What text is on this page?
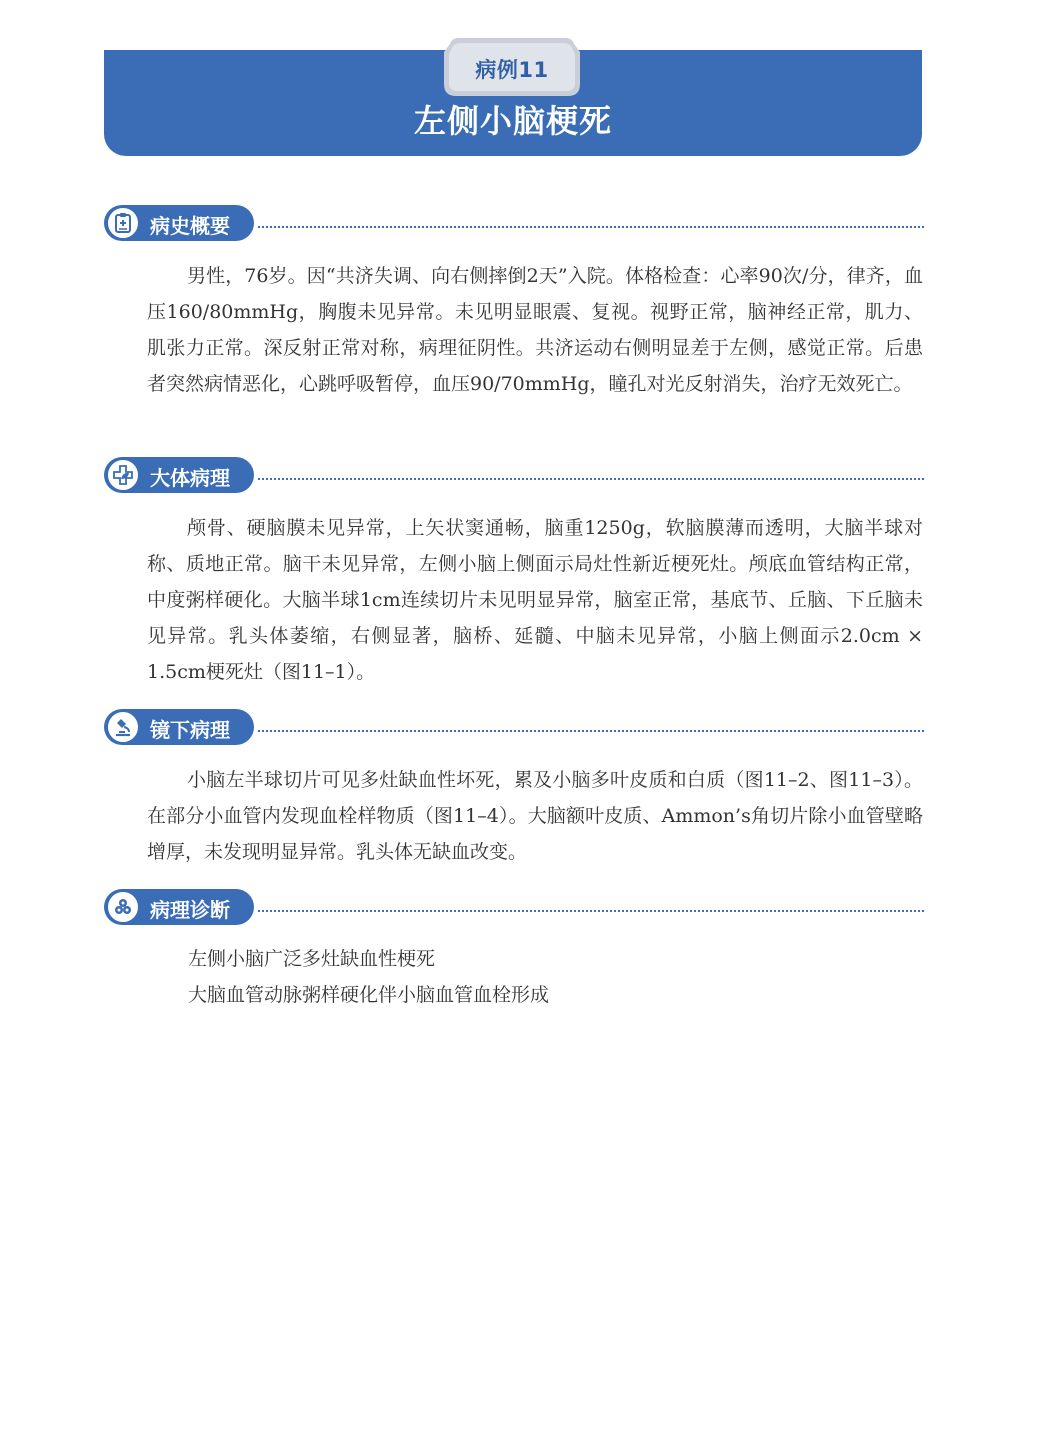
病例11
左侧小脑梗死
病史概要

男性，76岁。因“共济失调、向右侧摔倒2天”入院。体格检查：心率90次/分，律齐，血压160/80mmHg，胸腹未见异常。未见明显眼震、复视。视野正常，脑神经正常，肌力、肌张力正常。深反射正常对称，病理征阴性。共济运动右侧明显差于左侧，感觉正常。后患者突然病情恶化，心跳呼吸暂停，血压90/70mmHg，瞳孔对光反射消失，治疗无效死亡。

大体病理

颅骨、硬脑膜未见异常，上矢状窦通畅，脑重1250g，软脑膜薄而透明，大脑半球对称、质地正常。脑干未见异常，左侧小脑上侧面示局灶性新近梗死灶。颅底血管结构正常，中度粥样硬化。大脑半球1cm连续切片未见明显异常，脑室正常，基底节、丘脑、下丘脑未见异常。乳头体萎缩，右侧显著，脑桥、延髓、中脑未见异常，小脑上侧面示2.0cm × 1.5cm梗死灶（图11–1）。

镜下病理

小脑左半球切片可见多灶缺血性坏死，累及小脑多叶皮质和白质（图11–2、图11–3）。在部分小血管内发现血栓样物质（图11–4）。大脑额叶皮质、Ammon’s角切片除小血管壁略增厚，未发现明显异常。乳头体无缺血改变。

病理诊断

左侧小脑广泛多灶缺血性梗死

大脑血管动脉粥样硬化伴小脑血管血栓形成
